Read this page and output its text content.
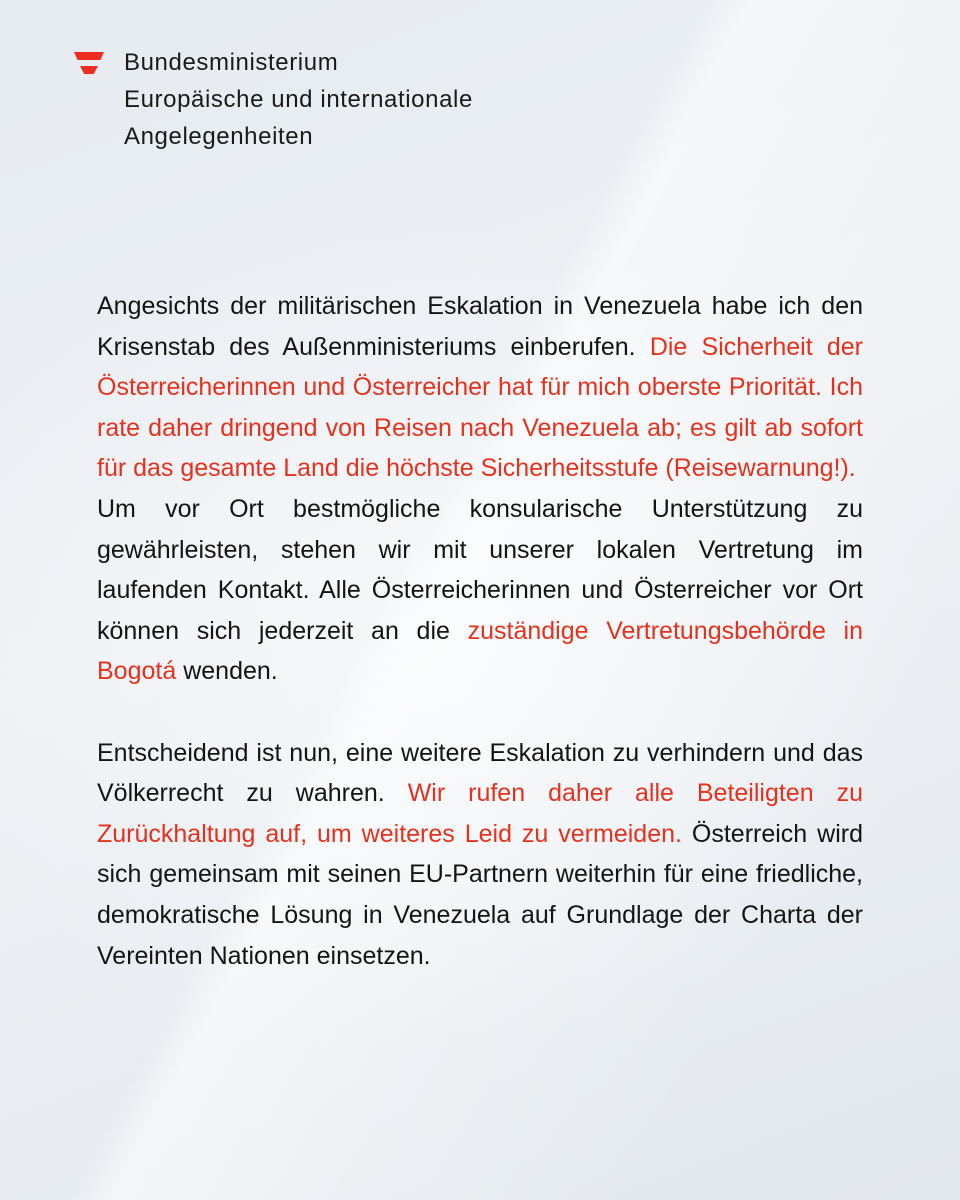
Bundesministerium
Europäische und internationale
Angelegenheiten

Angesichts der militärischen Eskalation in Venezuela habe ich den Krisenstab des Außenministeriums einberufen. Die Sicherheit der Österreicherinnen und Österreicher hat für mich oberste Priorität. Ich rate daher dringend von Reisen nach Venezuela ab; es gilt ab sofort für das gesamte Land die höchste Sicherheitsstufe (Reisewarnung!).

Um vor Ort bestmögliche konsularische Unterstützung zu gewährleisten, stehen wir mit unserer lokalen Vertretung im laufenden Kontakt. Alle Österreicherinnen und Österreicher vor Ort können sich jederzeit an die zuständige Vertretungsbehörde in Bogotá wenden.

Entscheidend ist nun, eine weitere Eskalation zu verhindern und das Völkerrecht zu wahren. Wir rufen daher alle Beteiligten zu Zurückhaltung auf, um weiteres Leid zu vermeiden. Österreich wird sich gemeinsam mit seinen EU-Partnern weiterhin für eine friedliche, demokratische Lösung in Venezuela auf Grundlage der Charta der Vereinten Nationen einsetzen.
